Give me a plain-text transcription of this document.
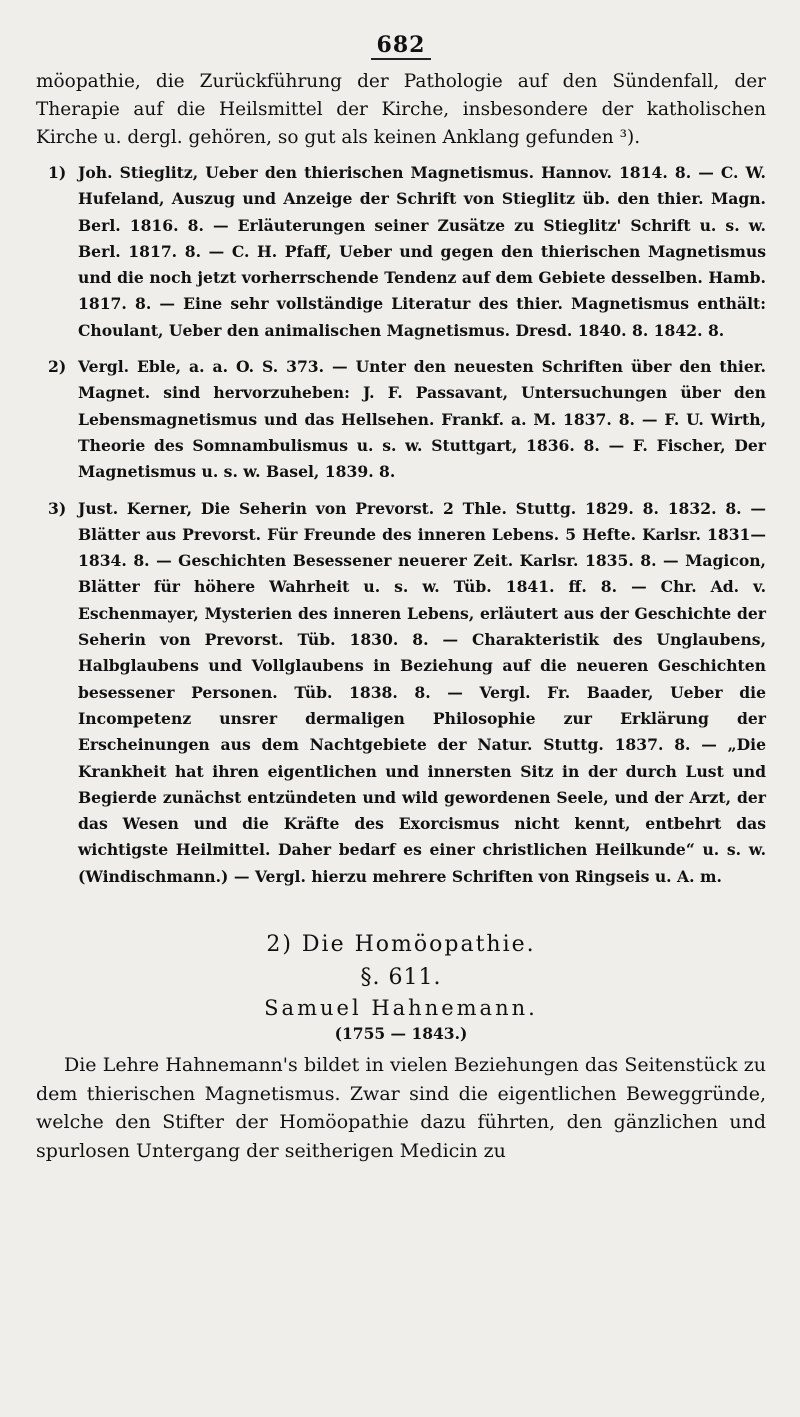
682

möopathie, die Zurückführung der Pathologie auf den Sündenfall, der Therapie auf die Heilsmittel der Kirche, insbesondere der katholischen Kirche u. dergl. gehören, so gut als keinen Anklang gefunden ³).

1) Joh. Stieglitz, Ueber den thierischen Magnetismus. Hannov. 1814. 8. — C. W. Hufeland, Auszug und Anzeige der Schrift von Stieglitz üb. den thier. Magn. Berl. 1816. 8. — Erläuterungen seiner Zusätze zu Stieglitz' Schrift u. s. w. Berl. 1817. 8. — C. H. Pfaff, Ueber und gegen den thierischen Magnetismus und die noch jetzt vorherrschende Tendenz auf dem Gebiete desselben. Hamb. 1817. 8. — Eine sehr vollständige Literatur des thier. Magnetismus enthält: Choulant, Ueber den animalischen Magnetismus. Dresd. 1840. 8. 1842. 8.

2) Vergl. Eble, a. a. O. S. 373. — Unter den neuesten Schriften über den thier. Magnet. sind hervorzuheben: J. F. Passavant, Untersuchungen über den Lebensmagnetismus und das Hellsehen. Frankf. a. M. 1837. 8. — F. U. Wirth, Theorie des Somnambulismus u. s. w. Stuttgart, 1836. 8. — F. Fischer, Der Magnetismus u. s. w. Basel, 1839. 8.

3) Just. Kerner, Die Seherin von Prevorst. 2 Thle. Stuttg. 1829. 8. 1832. 8. — Blätter aus Prevorst. Für Freunde des inneren Lebens. 5 Hefte. Karlsr. 1831—1834. 8. — Geschichten Besessener neuerer Zeit. Karlsr. 1835. 8. — Magicon, Blätter für höhere Wahrheit u. s. w. Tüb. 1841. ff. 8. — Chr. Ad. v. Eschenmayer, Mysterien des inneren Lebens, erläutert aus der Geschichte der Seherin von Prevorst. Tüb. 1830. 8. — Charakteristik des Unglaubens, Halbglaubens und Vollglaubens in Beziehung auf die neueren Geschichten besessener Personen. Tüb. 1838. 8. — Vergl. Fr. Baader, Ueber die Incompetenz unsrer dermaligen Philosophie zur Erklärung der Erscheinungen aus dem Nachtgebiete der Natur. Stuttg. 1837. 8. — „Die Krankheit hat ihren eigentlichen und innersten Sitz in der durch Lust und Begierde zunächst entzündeten und wild gewordenen Seele, und der Arzt, der das Wesen und die Kräfte des Exorcismus nicht kennt, entbehrt das wichtigste Heilmittel. Daher bedarf es einer christlichen Heilkunde“ u. s. w. (Windischmann.) — Vergl. hierzu mehrere Schriften von Ringseis u. A. m.

2) Die Homöopathie.
§. 611.
Samuel Hahnemann.
(1755 — 1843.)

Die Lehre Hahnemann's bildet in vielen Beziehungen das Seitenstück zu dem thierischen Magnetismus. Zwar sind die eigentlichen Beweggründe, welche den Stifter der Homöopathie dazu führten, den gänzlichen und spurlosen Untergang der seitherigen Medicin zu
